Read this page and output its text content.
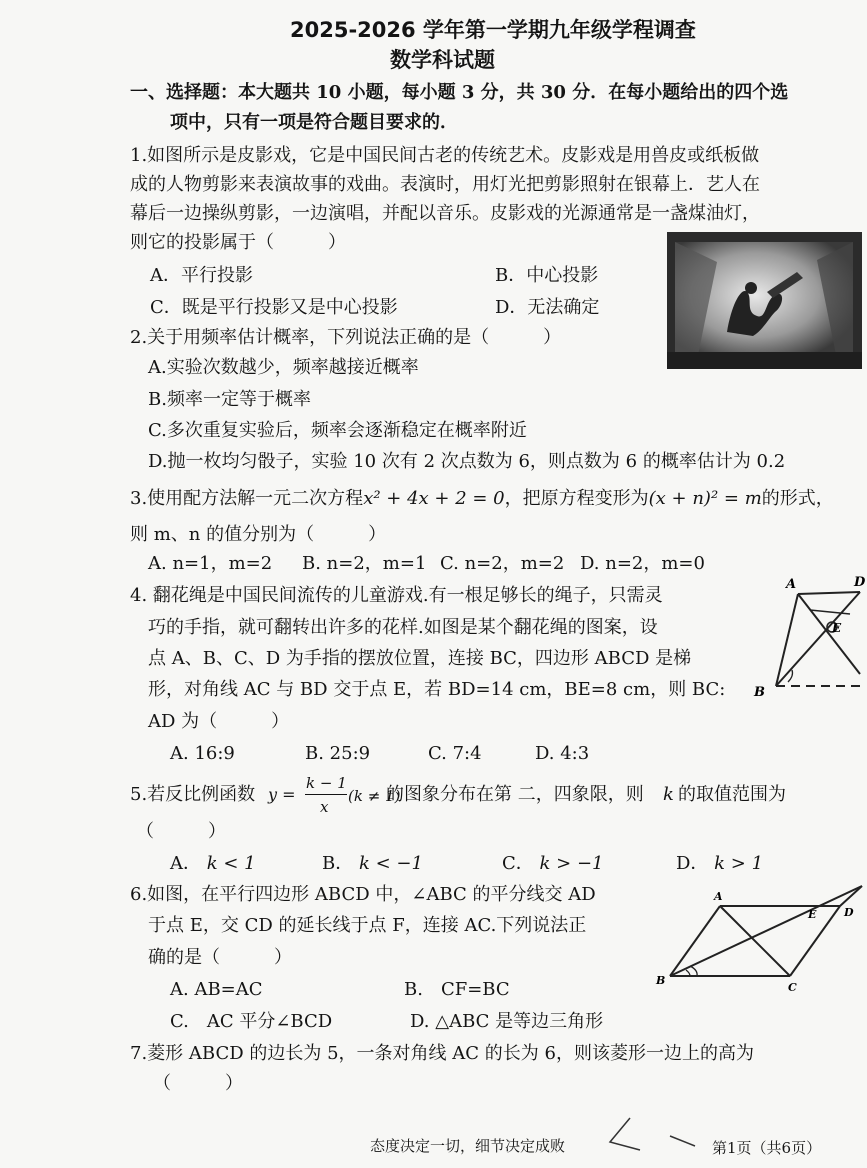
2025-2026 学年第一学期九年级学程调查
数学科试题
一、选择题：本大题共 10 小题，每小题 3 分，共 30 分．在每小题给出的四个选
项中，只有一项是符合题目要求的．
1.如图所示是皮影戏，它是中国民间古老的传统艺术。皮影戏是用兽皮或纸板做
成的人物剪影来表演故事的戏曲。表演时，用灯光把剪影照射在银幕上．艺人在
幕后一边操纵剪影，一边演唱，并配以音乐。皮影戏的光源通常是一盏煤油灯，
则它的投影属于（　　　）
A．平行投影	B．中心投影
C．既是平行投影又是中心投影	D．无法确定
2.关于用频率估计概率，下列说法正确的是（　　　）
A.实验次数越少，频率越接近概率
B.频率一定等于概率
C.多次重复实验后，频率会逐渐稳定在概率附近
D.抛一枚均匀骰子，实验 10 次有 2 次点数为 6，则点数为 6 的概率估计为 0.2
3.使用配方法解一元二次方程x² + 4x + 2 = 0，把原方程变形为(x + n)² = m的形式，
则 m、n 的值分别为（　　　）
A. n=1，m=2 B. n=2，m=1 C. n=2，m=2 D. n=2，m=0
4. 翻花绳是中国民间流传的儿童游戏.有一根足够长的绳子，只需灵
巧的手指，就可翻转出许多的花样.如图是某个翻花绳的图案，设
点 A、B、C、D 为手指的摆放位置，连接 BC，四边形 ABCD 是梯
形，对角线 AC 与 BD 交于点 E，若 BD=14 cm，BE=8 cm，则 BC:
AD 为（　　　）
A. 16:9	B. 25:9	C. 7:4	D. 4:3
A	D
E
B
5.若反比例函数 y =
k − 1
x
(k ≠ 1)
的图象分布在第 二，四象限，则 k 的取值范围为
（　　　）
A． k < 1	B． k < −1	C． k > −1	D． k > 1
6.如图，在平行四边形 ABCD 中，∠ABC 的平分线交 AD
于点 E，交 CD 的延长线于点 F，连接 AC.下列说法正
确的是（　　　）
A. AB=AC	B.　CF=BC
C.　AC 平分∠BCD	D. △ABC 是等边三角形
A
E	D
B
C
7.菱形 ABCD 的边长为 5，一条对角线 AC 的长为 6，则该菱形一边上的高为
（　　　）
态度决定一切，细节决定成败	第1页（共6页）
